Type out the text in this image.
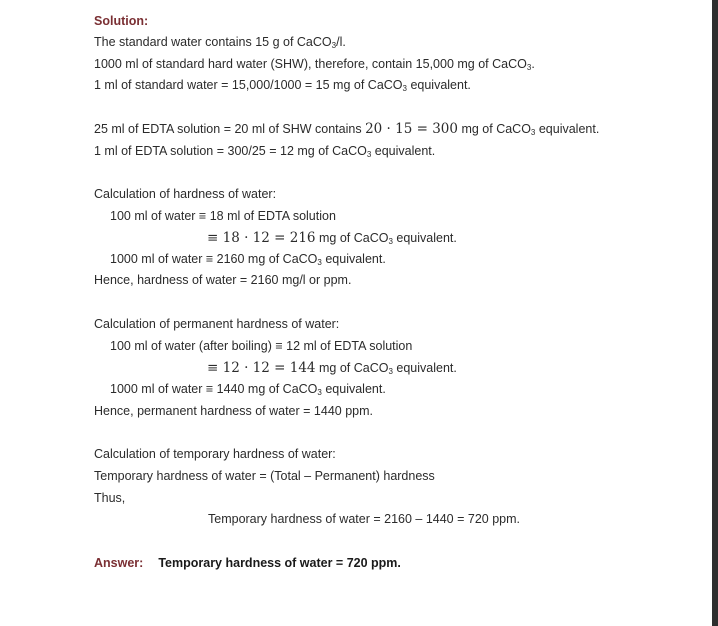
Solution:
The standard water contains 15 g of CaCO$_3$/l.
1000 ml of standard hard water (SHW), therefore, contain 15,000 mg of CaCO$_3$.
1 ml of standard water = 15,000/1000 = 15 mg of CaCO$_3$ equivalent.
25 ml of EDTA solution = 20 ml of SHW contains 20 · 15 = 300 mg of CaCO$_3$ equivalent.
1 ml of EDTA solution = 300/25 = 12 mg of CaCO$_3$ equivalent.
Calculation of hardness of water:
100 ml of water ≡ 18 ml of EDTA solution
≡ 18 · 12 = 216 mg of CaCO$_3$ equivalent.
1000 ml of water ≡ 2160 mg of CaCO$_3$ equivalent.
Hence, hardness of water = 2160 mg/l or ppm.
Calculation of permanent hardness of water:
100 ml of water (after boiling) ≡ 12 ml of EDTA solution
≡ 12 · 12 = 144 mg of CaCO$_3$ equivalent.
1000 ml of water ≡ 1440 mg of CaCO$_3$ equivalent.
Hence, permanent hardness of water = 1440 ppm.
Calculation of temporary hardness of water:
Temporary hardness of water = (Total – Permanent) hardness
Thus,
Temporary hardness of water = 2160 – 1440 = 720 ppm.
Answer: Temporary hardness of water = 720 ppm.
